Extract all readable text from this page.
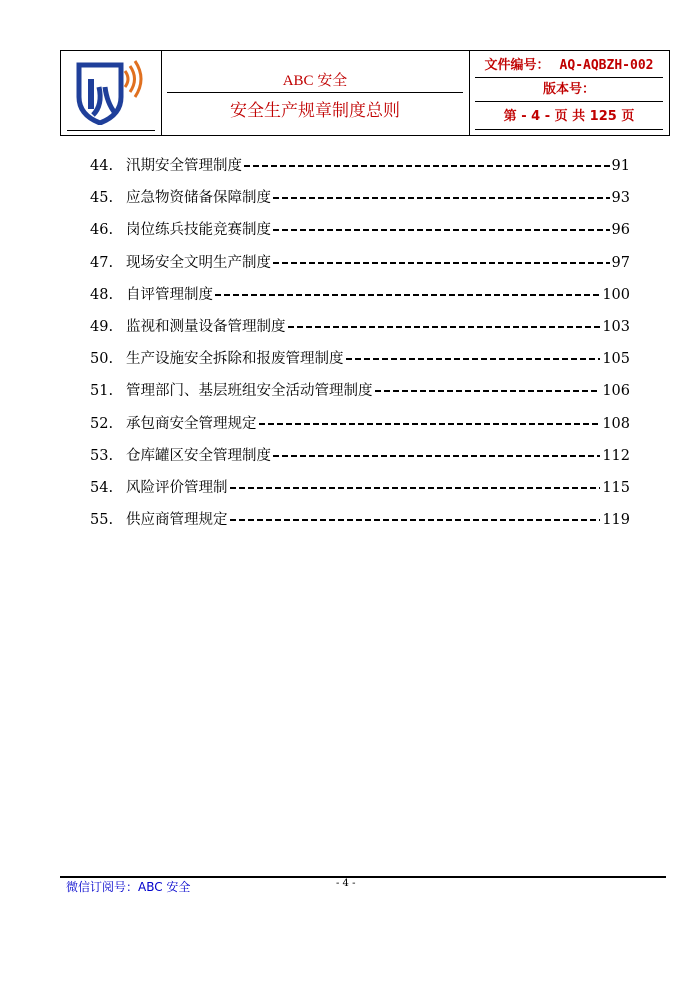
ABC 安全
安全生产规章制度总则
文件编号： AQ-AQBZH-002
版本号：
第 - 4 - 页 共 125 页
44. 汛期安全管理制度	91
45. 应急物资储备保障制度	93
46. 岗位练兵技能竞赛制度	96
47. 现场安全文明生产制度	97
48. 自评管理制度	100
49. 监视和测量设备管理制度	103
50. 生产设施安全拆除和报废管理制度	105
51. 管理部门、基层班组安全活动管理制度	106
52. 承包商安全管理规定	108
53. 仓库罐区安全管理制度	112
54. 风险评价管理制	115
55. 供应商管理规定	119
微信订阅号：ABC 安全	- 4 -
